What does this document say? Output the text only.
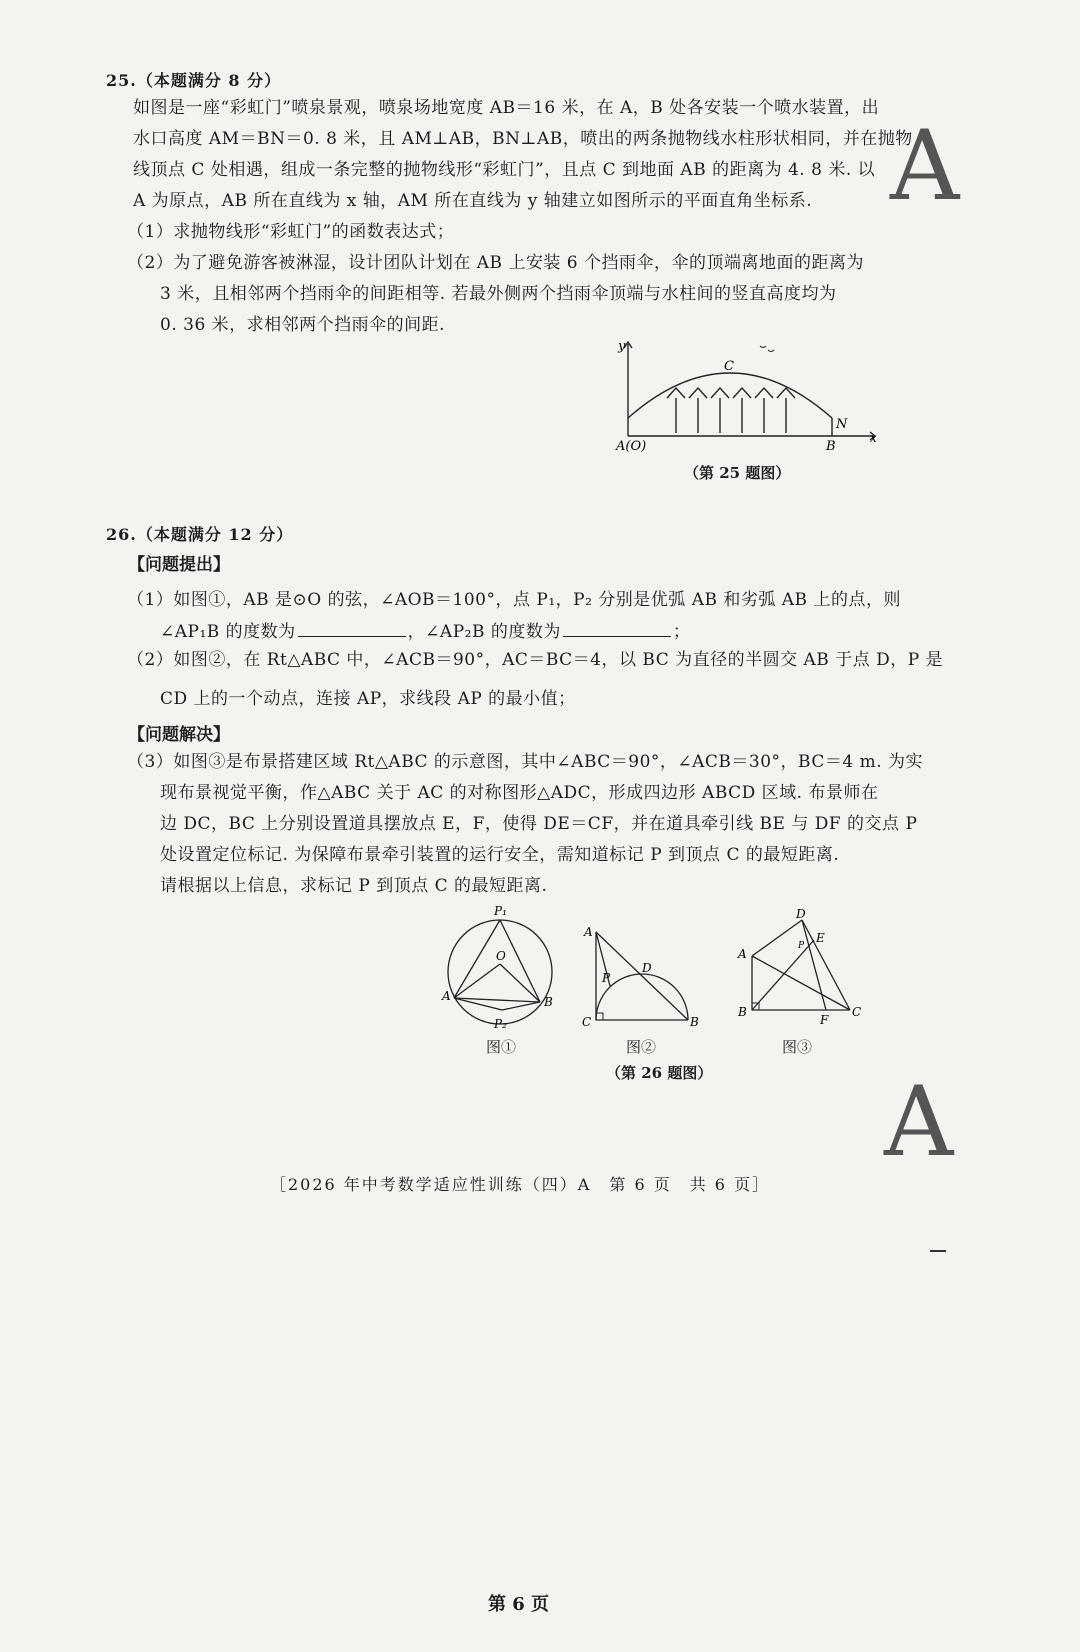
25.（本题满分 8 分）
如图是一座“彩虹门”喷泉景观，喷泉场地宽度 AB＝16 米，在 A，B 处各安装一个喷水装置，出
水口高度 AM＝BN＝0. 8 米，且 AM⊥AB，BN⊥AB，喷出的两条抛物线水柱形状相同，并在抛物
线顶点 C 处相遇，组成一条完整的抛物线形“彩虹门”，且点 C 到地面 AB 的距离为 4. 8 米. 以
A 为原点，AB 所在直线为 x 轴，AM 所在直线为 y 轴建立如图所示的平面直角坐标系.
（1）求抛物线形“彩虹门”的函数表达式；
（2）为了避免游客被淋湿，设计团队计划在 AB 上安装 6 个挡雨伞，伞的顶端离地面的距离为
3 米，且相邻两个挡雨伞的间距相等. 若最外侧两个挡雨伞顶端与水柱间的竖直高度均为
0. 36 米，求相邻两个挡雨伞的间距.
y
x
A(O)	B
C
N
（第 25 题图）
26.（本题满分 12 分）
【问题提出】
（1）如图①，AB 是⊙O 的弦，∠AOB＝100°，点 P₁，P₂ 分别是优弧 AB 和劣弧 AB 上的点，则
∠AP₁B 的度数为	，∠AP₂B 的度数为	；
（2）如图②，在 Rt△ABC 中，∠ACB＝90°，AC＝BC＝4，以 BC 为直径的半圆交 AB 于点 D，P 是
CD 上的一个动点，连接 AP，求线段 AP 的最小值；
【问题解决】
（3）如图③是布景搭建区域 Rt△ABC 的示意图，其中∠ABC＝90°，∠ACB＝30°，BC＝4 m. 为实
现布景视觉平衡，作△ABC 关于 AC 的对称图形△ADC，形成四边形 ABCD 区域. 布景师在
边 DC，BC 上分别设置道具摆放点 E，F，使得 DE＝CF，并在道具牵引线 BE 与 DF 的交点 P
处设置定位标记. 为保障布景牵引装置的运行安全，需知道标记 P 到顶点 C 的最短距离.
请根据以上信息，求标记 P 到顶点 C 的最短距离.
P₁
O
A	B
P₂
图①
A
P
D
C	B
图②
D
E
A
P
B
F
C
图③
（第 26 题图）
［2026 年中考数学适应性训练（四）A　第 6 页　共 6 页］
第 6 页
A
A
